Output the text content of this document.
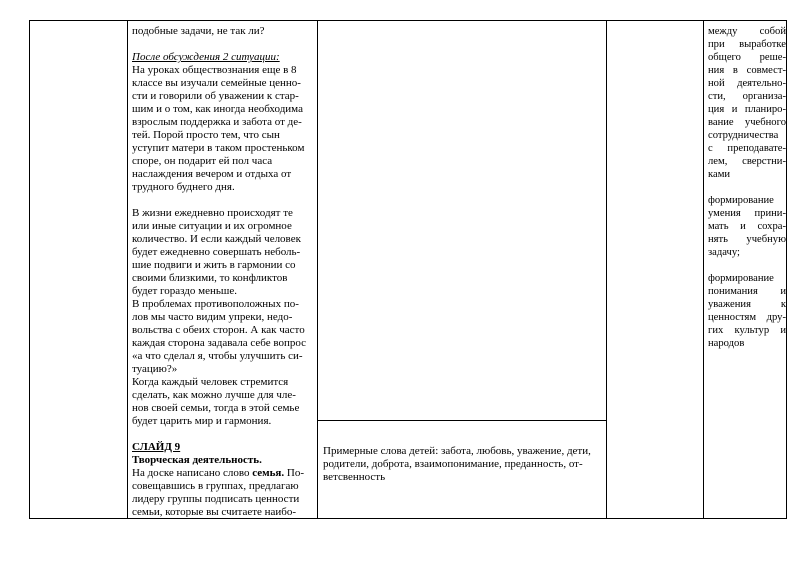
подобные задачи, не так ли?

После обсуждения 2 ситуации:
На уроках обществознания еще в 8
классе вы изучали семейные ценно-
сти и говорили об уважении к стар-
шим и о том, как иногда необходима
взрослым поддержка и забота от де-
тей. Порой просто тем, что сын
уступит матери в таком простеньком
споре, он подарит ей пол часа
наслаждения вечером и отдыха от
трудного буднего дня.

В жизни ежедневно происходят те
или иные ситуации и их огромное
количество. И если каждый человек
будет ежедневно совершать неболь-
шие подвиги и жить в гармонии со
своими близкими, то конфликтов
будет гораздо меньше.
В проблемах противоположных по-
лов мы часто видим упреки, недо-
вольства с обеих сторон. А как часто
каждая сторона задавала себе вопрос
«а что сделал я, чтобы улучшить си-
туацию?»
Когда каждый человек стремится
сделать, как можно лучше для чле-
нов своей семьи, тогда в этой семье
будет царить мир и гармония.

СЛАЙД 9
Творческая деятельность.
На доске написано слово семья. По-
совещавшись в группах, предлагаю
лидеру группы подписать ценности
семьи, которые вы считаете наибо-
Примерные слова детей: забота, любовь, уважение, дети,
родители, доброта, взаимопонимание, преданность, от-
ветсвенность
между собой
при выработке
общего реше-
ния в совмест-
ной деятельно-
сти, организа-
ция и планиро-
вание учебного
сотрудничества
с преподавате-
лем, сверстни-
ками

формирование
умения прини-
мать и сохра-
нять учебную
задачу;

формирование
понимания и
уважения к
ценностям дру-
гих культур и
народов
